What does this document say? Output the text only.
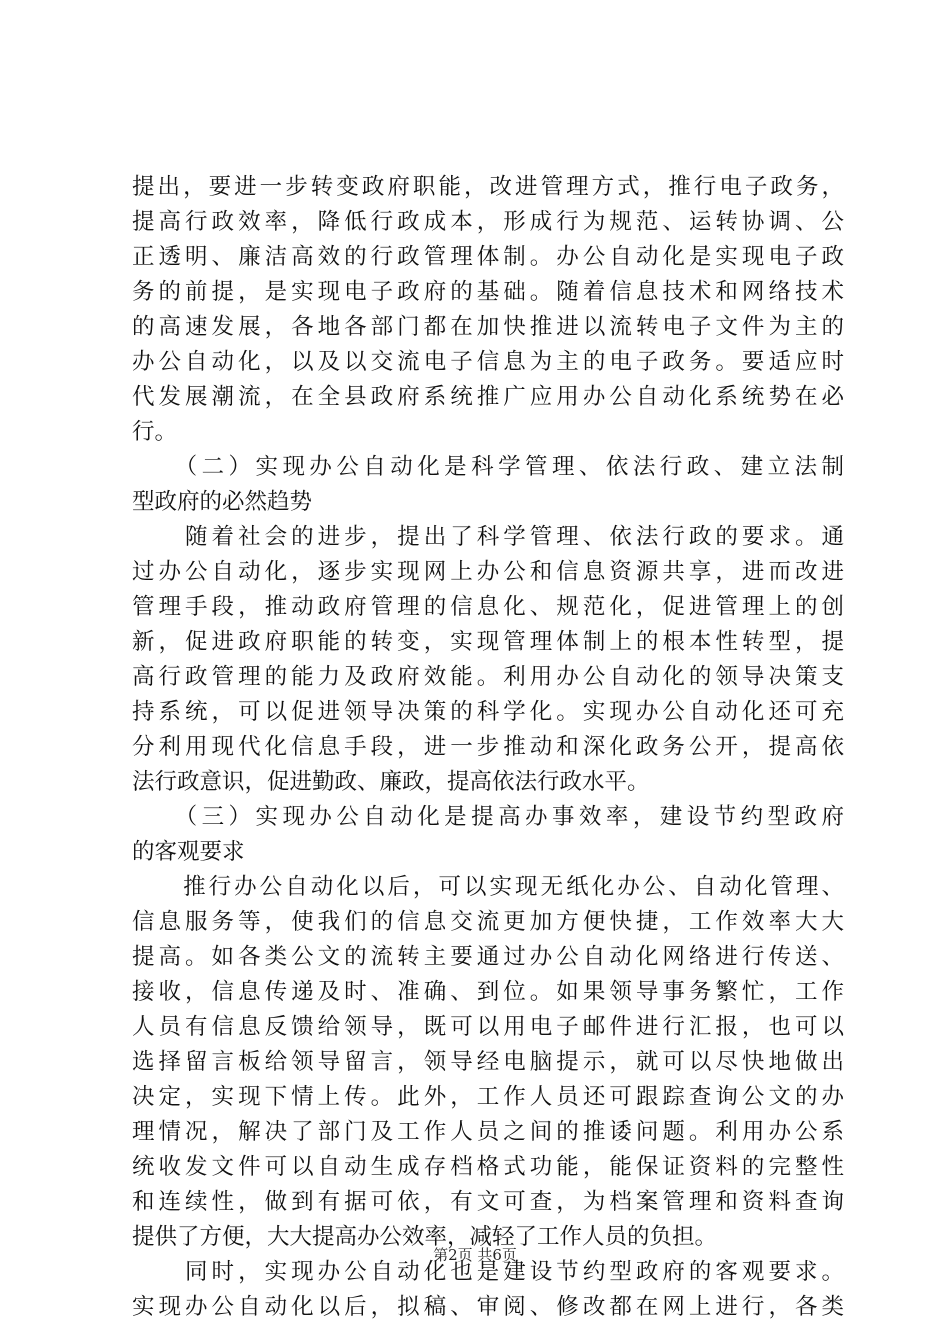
提出，要进一步转变政府职能，改进管理方式，推行电子政务，
提高行政效率，降低行政成本，形成行为规范、运转协调、公
正透明、廉洁高效的行政管理体制。办公自动化是实现电子政
务的前提，是实现电子政府的基础。随着信息技术和网络技术
的高速发展，各地各部门都在加快推进以流转电子文件为主的
办公自动化，以及以交流电子信息为主的电子政务。要适应时
代发展潮流，在全县政府系统推广应用办公自动化系统势在必
行。
　　（二）实现办公自动化是科学管理、依法行政、建立法制
型政府的必然趋势
　　随着社会的进步，提出了科学管理、依法行政的要求。通
过办公自动化，逐步实现网上办公和信息资源共享，进而改进
管理手段，推动政府管理的信息化、规范化，促进管理上的创
新，促进政府职能的转变，实现管理体制上的根本性转型，提
高行政管理的能力及政府效能。利用办公自动化的领导决策支
持系统，可以促进领导决策的科学化。实现办公自动化还可充
分利用现代化信息手段，进一步推动和深化政务公开，提高依
法行政意识，促进勤政、廉政，提高依法行政水平。
　　（三）实现办公自动化是提高办事效率，建设节约型政府
的客观要求
　　推行办公自动化以后，可以实现无纸化办公、自动化管理、
信息服务等，使我们的信息交流更加方便快捷，工作效率大大
提高。如各类公文的流转主要通过办公自动化网络进行传送、
接收，信息传递及时、准确、到位。如果领导事务繁忙，工作
人员有信息反馈给领导，既可以用电子邮件进行汇报，也可以
选择留言板给领导留言，领导经电脑提示，就可以尽快地做出
决定，实现下情上传。此外，工作人员还可跟踪查询公文的办
理情况，解决了部门及工作人员之间的推诿问题。利用办公系
统收发文件可以自动生成存档格式功能，能保证资料的完整性
和连续性，做到有据可依，有文可查，为档案管理和资料查询
提供了方便，大大提高办公效率，减轻了工作人员的负担。
　　同时，实现办公自动化也是建设节约型政府的客观要求。
实现办公自动化以后，拟稿、审阅、修改都在网上进行，各类
第2页 共6页
